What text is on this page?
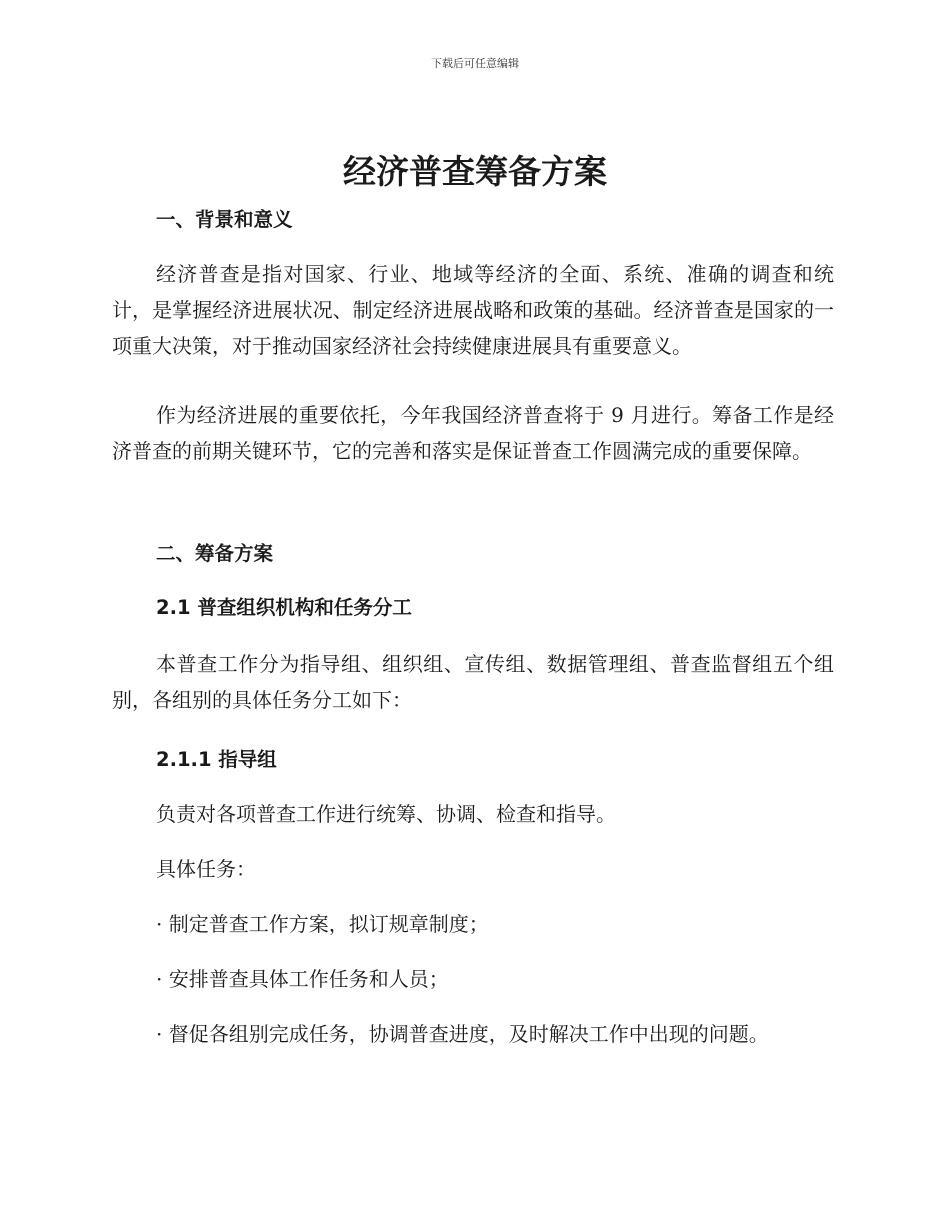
下载后可任意编辑
经济普查筹备方案
一、背景和意义

经济普查是指对国家、行业、地域等经济的全面、系统、准确的调查和统计，是掌握经济进展状况、制定经济进展战略和政策的基础。经济普查是国家的一项重大决策，对于推动国家经济社会持续健康进展具有重要意义。

作为经济进展的重要依托，今年我国经济普查将于 9 月进行。筹备工作是经济普查的前期关键环节，它的完善和落实是保证普查工作圆满完成的重要保障。

二、筹备方案
2.1 普查组织机构和任务分工

本普查工作分为指导组、组织组、宣传组、数据管理组、普查监督组五个组别，各组别的具体任务分工如下：

2.1.1 指导组

负责对各项普查工作进行统筹、协调、检查和指导。

具体任务：

· 制定普查工作方案，拟订规章制度；

· 安排普查具体工作任务和人员；

· 督促各组别完成任务，协调普查进度，及时解决工作中出现的问题。
